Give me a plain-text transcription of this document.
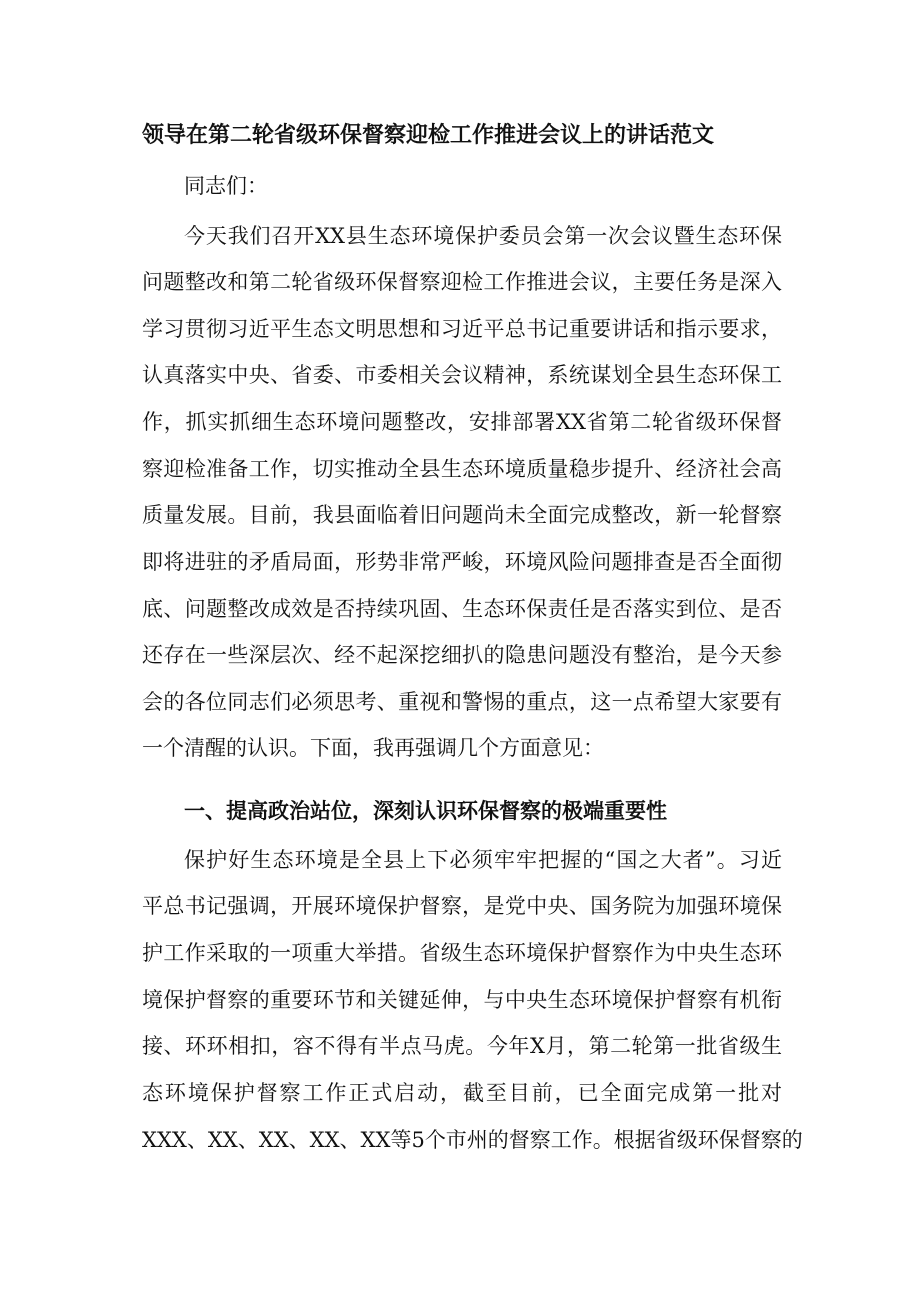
领导在第二轮省级环保督察迎检工作推进会议上的讲话范文

同志们：

今天我们召开XX县生态环境保护委员会第一次会议暨生态环保

问题整改和第二轮省级环保督察迎检工作推进会议，主要任务是深入

学习贯彻习近平生态文明思想和习近平总书记重要讲话和指示要求，

认真落实中央、省委、市委相关会议精神，系统谋划全县生态环保工

作，抓实抓细生态环境问题整改，安排部署XX省第二轮省级环保督

察迎检准备工作，切实推动全县生态环境质量稳步提升、经济社会高

质量发展。目前，我县面临着旧问题尚未全面完成整改，新一轮督察

即将进驻的矛盾局面，形势非常严峻，环境风险问题排查是否全面彻

底、问题整改成效是否持续巩固、生态环保责任是否落实到位、是否

还存在一些深层次、经不起深挖细扒的隐患问题没有整治，是今天参

会的各位同志们必须思考、重视和警惕的重点，这一点希望大家要有

一个清醒的认识。下面，我再强调几个方面意见：

一、提高政治站位，深刻认识环保督察的极端重要性

保护好生态环境是全县上下必须牢牢把握的“国之大者”。习近

平总书记强调，开展环境保护督察，是党中央、国务院为加强环境保

护工作采取的一项重大举措。省级生态环境保护督察作为中央生态环

境保护督察的重要环节和关键延伸，与中央生态环境保护督察有机衔

接、环环相扣，容不得有半点马虎。今年X月，第二轮第一批省级生

态环境保护督察工作正式启动，截至目前，已全面完成第一批对

XXX、XX、XX、XX、XX等5个市州的督察工作。根据省级环保督察的
